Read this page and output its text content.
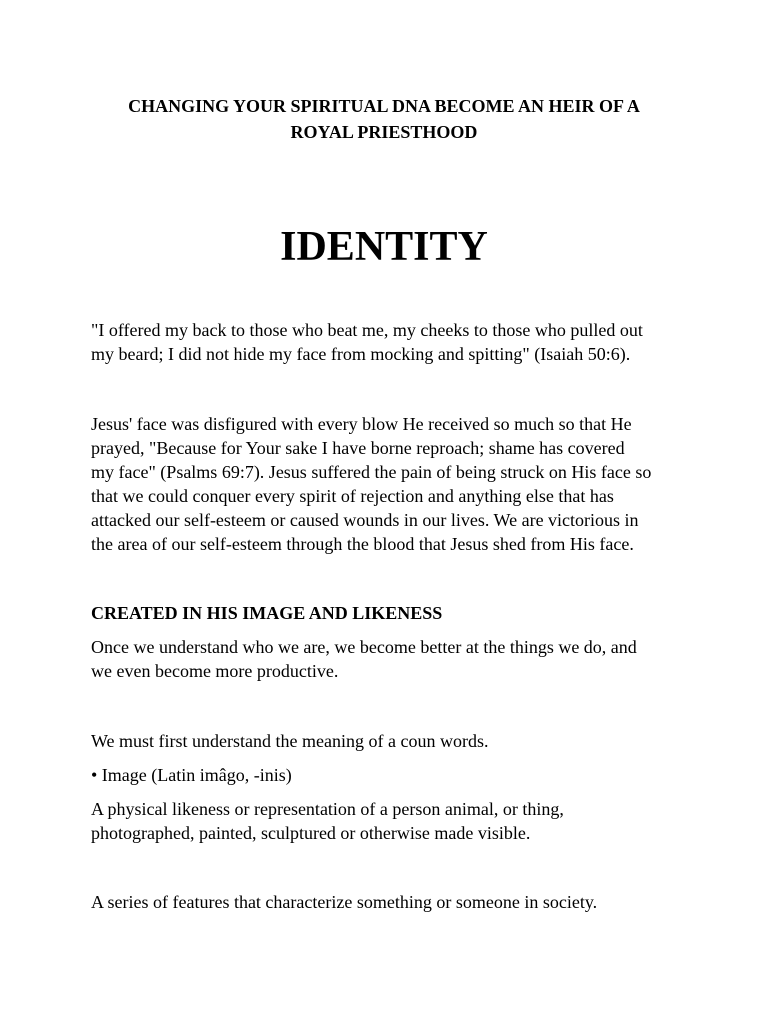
CHANGING YOUR SPIRITUAL DNA BECOME AN HEIR OF A
ROYAL PRIESTHOOD
IDENTITY

"I offered my back to those who beat me, my cheeks to those who pulled out
my beard; I did not hide my face from mocking and spitting" (Isaiah 50:6).

Jesus' face was disfigured with every blow He received so much so that He
prayed, "Because for Your sake I have borne reproach; shame has covered
my face" (Psalms 69:7). Jesus suffered the pain of being struck on His face so
that we could conquer every spirit of rejection and anything else that has
attacked our self-esteem or caused wounds in our lives. We are victorious in
the area of our self-esteem through the blood that Jesus shed from His face.

CREATED IN HIS IMAGE AND LIKENESS

Once we understand who we are, we become better at the things we do, and
we even become more productive.

We must first understand the meaning of a coun words.

• Image (Latin imâgo, -inis)

A physical likeness or representation of a person animal, or thing,
photographed, painted, sculptured or otherwise made visible.

A series of features that characterize something or someone in society.
